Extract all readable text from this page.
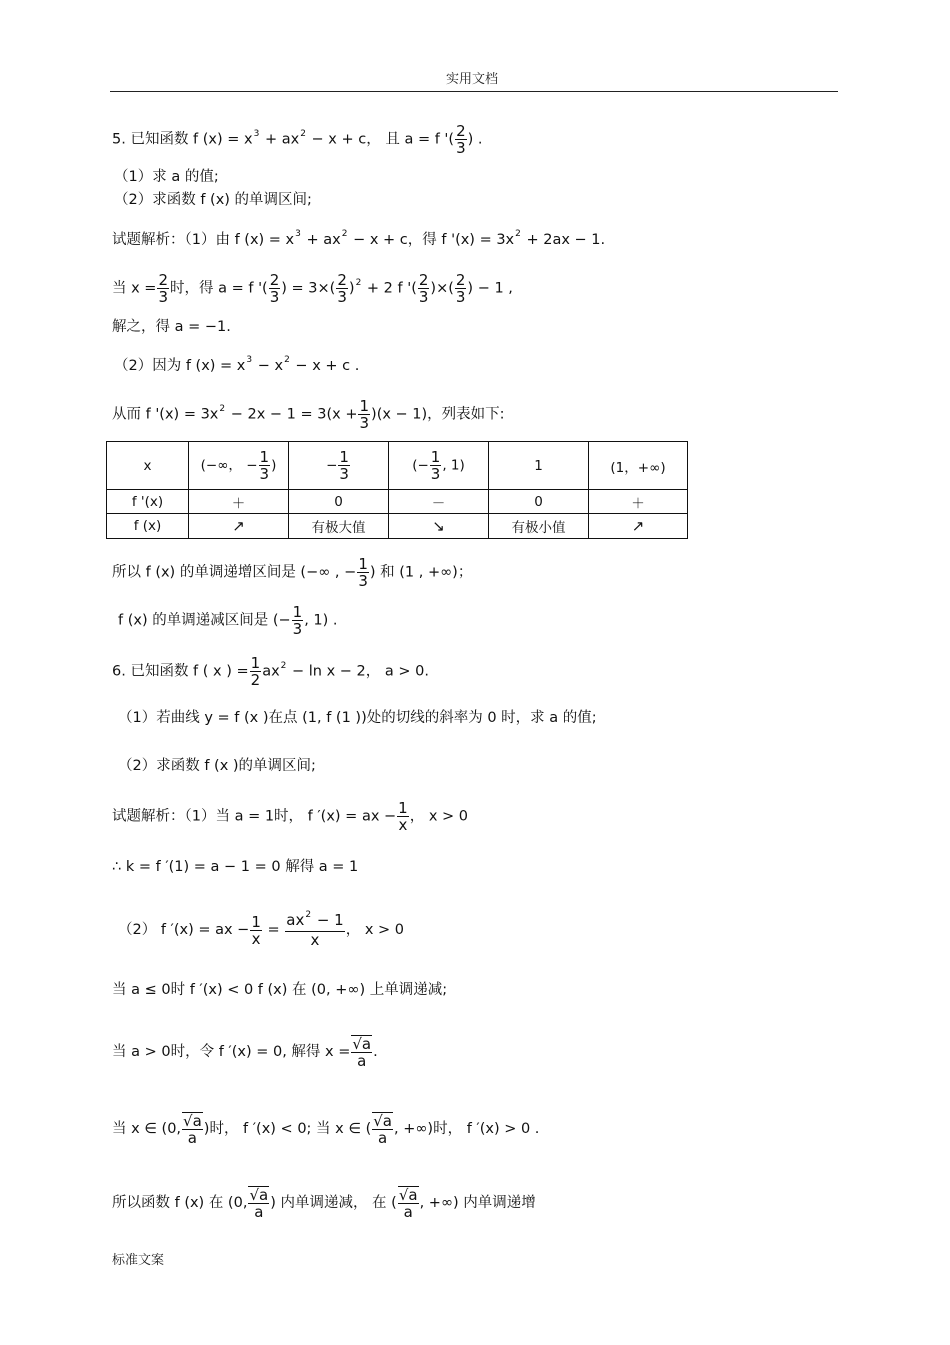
实用文档
5. 已知函数 f $(x) = x^3 + ax^2 - x + c$， 且 a = f '( $\frac{2}{3}$ ) .
（1）求 a 的值;
（2）求函数 f (x) 的单调区间;
试题解析：（1）由 f $(x) = x^3 + ax^2 - x + c$，得 f '$(x) = 3x^2 + 2ax - 1$.
当 $x = \frac{2}{3}$ 时，得 a = f '( $\frac{2}{3}$ ) = $3\times( \frac{2}{3} )^2 + 2$ f '( $\frac{2}{3}$ )×( $\frac{2}{3}$ ) − 1 ,
解之，得 a = −1.
（2）因为 f $(x) = x^3 - x^2 - x + c$ .
从而 f '$(x) = 3x^2 - 2x - 1 = 3(x + \frac{1}{3} )(x - 1)$，列表如下:
x	(−∞， − $\frac{1}{3}$ )	− $\frac{1}{3}$	(− $\frac{1}{3}$ , 1)	1	(1，+∞)
f '(x)	＋	0	－	0	＋
f (x)	↗	有极大值	↘	有极小值	↗
所以 f (x) 的单调递增区间是 (−∞ , − $\frac{1}{3}$ ) 和 (1 , +∞)；
f (x) 的单调递减区间是 (− $\frac{1}{3}$ , 1) .
6. 已知函数 f ( x ) = $\frac{1}{2} ax^2 - \ln x - 2$， a > 0.
（1）若曲线 y = f (x )在点 (1, f (1 ))处的切线的斜率为 0 时，求 a 的值;
（2）求函数 f (x )的单调区间;
试题解析：（1）当 a = 1时， f ′(x) = ax − $\frac{1}{x}$ ， x > 0
∴ k = f ′(1) = a − 1 = 0 解得 a = 1
（2） f ′(x) = ax − $\frac{1}{x} = \frac{ax^2 - 1}{x}$ ， x > 0
当 a ≤ 0时 f ′(x) < 0 f (x) 在 (0, +∞) 上单调递减;
当 a > 0时，令 f ′(x) = 0, 解得 $x = \frac{√a}{a}$ .
当 x ∈ (0, $\frac{√a}{a}$ )时， f ′(x) < 0; 当 x ∈ ( $\frac{√a}{a}$ , +∞)时， f ′(x) > 0 .
所以函数 f (x) 在 (0, $\frac{√a}{a}$ ) 内单调递减， 在 ( $\frac{√a}{a}$ , +∞) 内单调递增
标准文案
